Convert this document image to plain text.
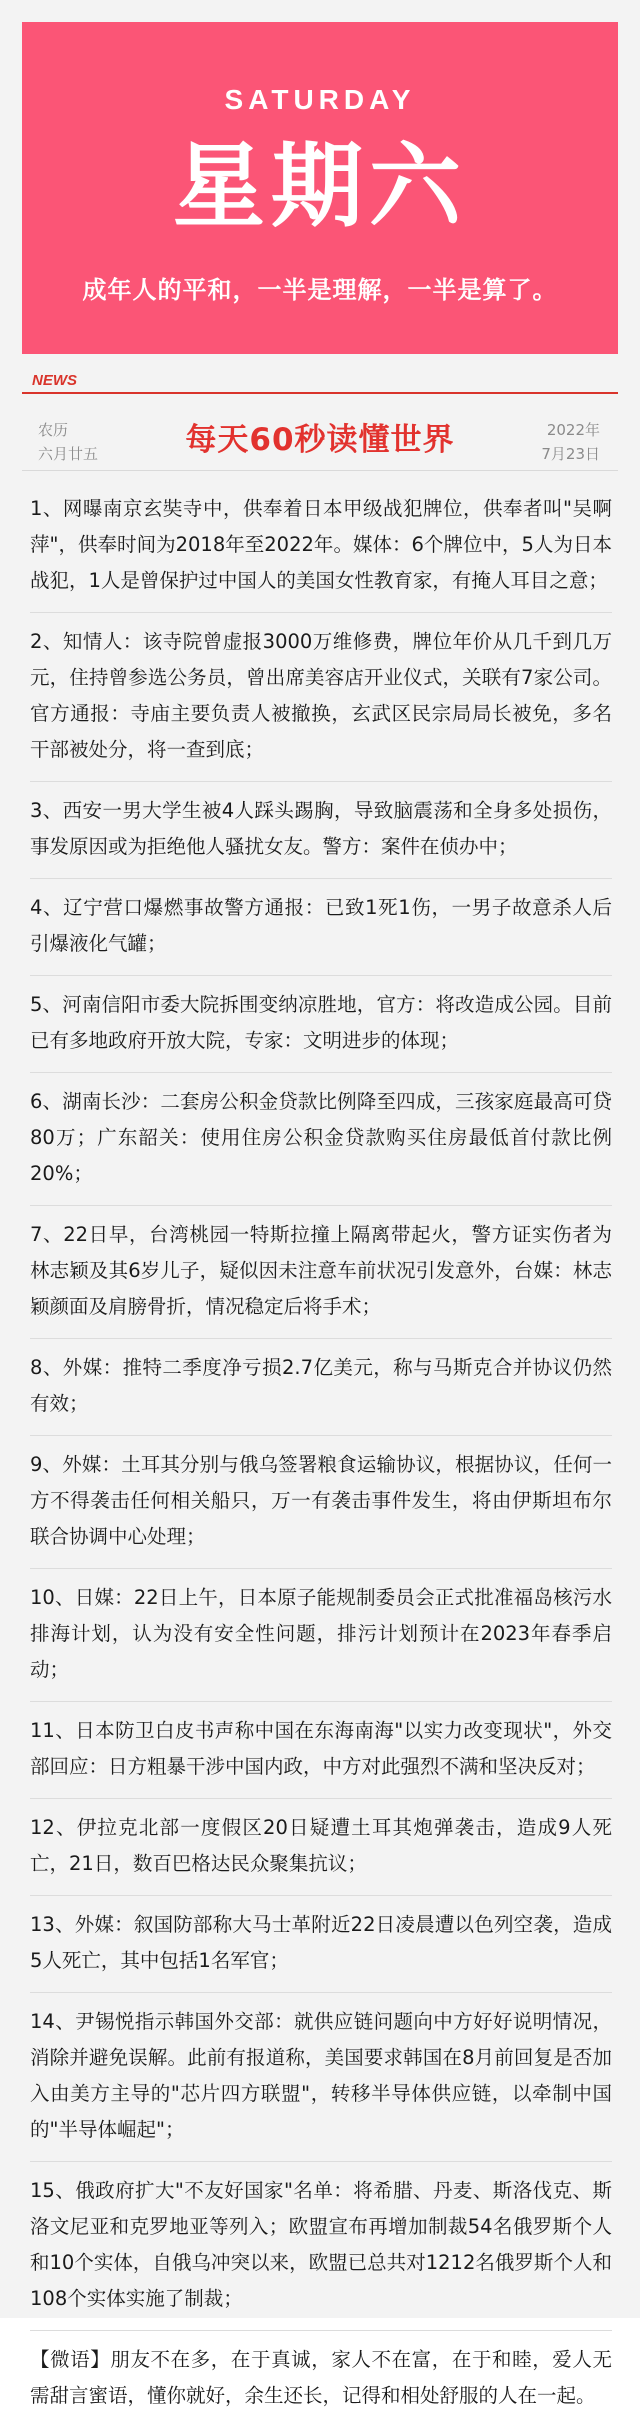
SATURDAY
星期六
成年人的平和，一半是理解，一半是算了。
NEWS
农历
六月廿五	每天60秒读懂世界	2022年
7月23日
1、网曝南京玄奘寺中，供奉着日本甲级战犯牌位，供奉者叫"吴啊萍"，供奉时间为2018年至2022年。媒体：6个牌位中，5人为日本战犯，1人是曾保护过中国人的美国女性教育家，有掩人耳目之意；
2、知情人：该寺院曾虚报3000万维修费，牌位年价从几千到几万元，住持曾参选公务员，曾出席美容店开业仪式，关联有7家公司。官方通报：寺庙主要负责人被撤换，玄武区民宗局局长被免，多名干部被处分，将一查到底；
3、西安一男大学生被4人踩头踢胸，导致脑震荡和全身多处损伤，事发原因或为拒绝他人骚扰女友。警方：案件在侦办中；
4、辽宁营口爆燃事故警方通报：已致1死1伤，一男子故意杀人后引爆液化气罐；
5、河南信阳市委大院拆围变纳凉胜地，官方：将改造成公园。目前已有多地政府开放大院，专家：文明进步的体现；
6、湖南长沙：二套房公积金贷款比例降至四成，三孩家庭最高可贷80万；广东韶关：使用住房公积金贷款购买住房最低首付款比例20%；
7、22日早，台湾桃园一特斯拉撞上隔离带起火，警方证实伤者为林志颖及其6岁儿子，疑似因未注意车前状况引发意外，台媒：林志颖颜面及肩膀骨折，情况稳定后将手术；
8、外媒：推特二季度净亏损2.7亿美元，称与马斯克合并协议仍然有效；
9、外媒：土耳其分别与俄乌签署粮食运输协议，根据协议，任何一方不得袭击任何相关船只，万一有袭击事件发生，将由伊斯坦布尔联合协调中心处理；
10、日媒：22日上午，日本原子能规制委员会正式批准福岛核污水排海计划，认为没有安全性问题，排污计划预计在2023年春季启动；
11、日本防卫白皮书声称中国在东海南海"以实力改变现状"，外交部回应：日方粗暴干涉中国内政，中方对此强烈不满和坚决反对；
12、伊拉克北部一度假区20日疑遭土耳其炮弹袭击，造成9人死亡，21日，数百巴格达民众聚集抗议；
13、外媒：叙国防部称大马士革附近22日凌晨遭以色列空袭，造成5人死亡，其中包括1名军官；
14、尹锡悦指示韩国外交部：就供应链问题向中方好好说明情况，消除并避免误解。此前有报道称，美国要求韩国在8月前回复是否加入由美方主导的"芯片四方联盟"，转移半导体供应链，以牵制中国的"半导体崛起"；
15、俄政府扩大"不友好国家"名单：将希腊、丹麦、斯洛伐克、斯洛文尼亚和克罗地亚等列入；欧盟宣布再增加制裁54名俄罗斯个人和10个实体，自俄乌冲突以来，欧盟已总共对1212名俄罗斯个人和108个实体实施了制裁；
【微语】朋友不在多，在于真诚，家人不在富，在于和睦，爱人无需甜言蜜语，懂你就好，余生还长，记得和相处舒服的人在一起。
